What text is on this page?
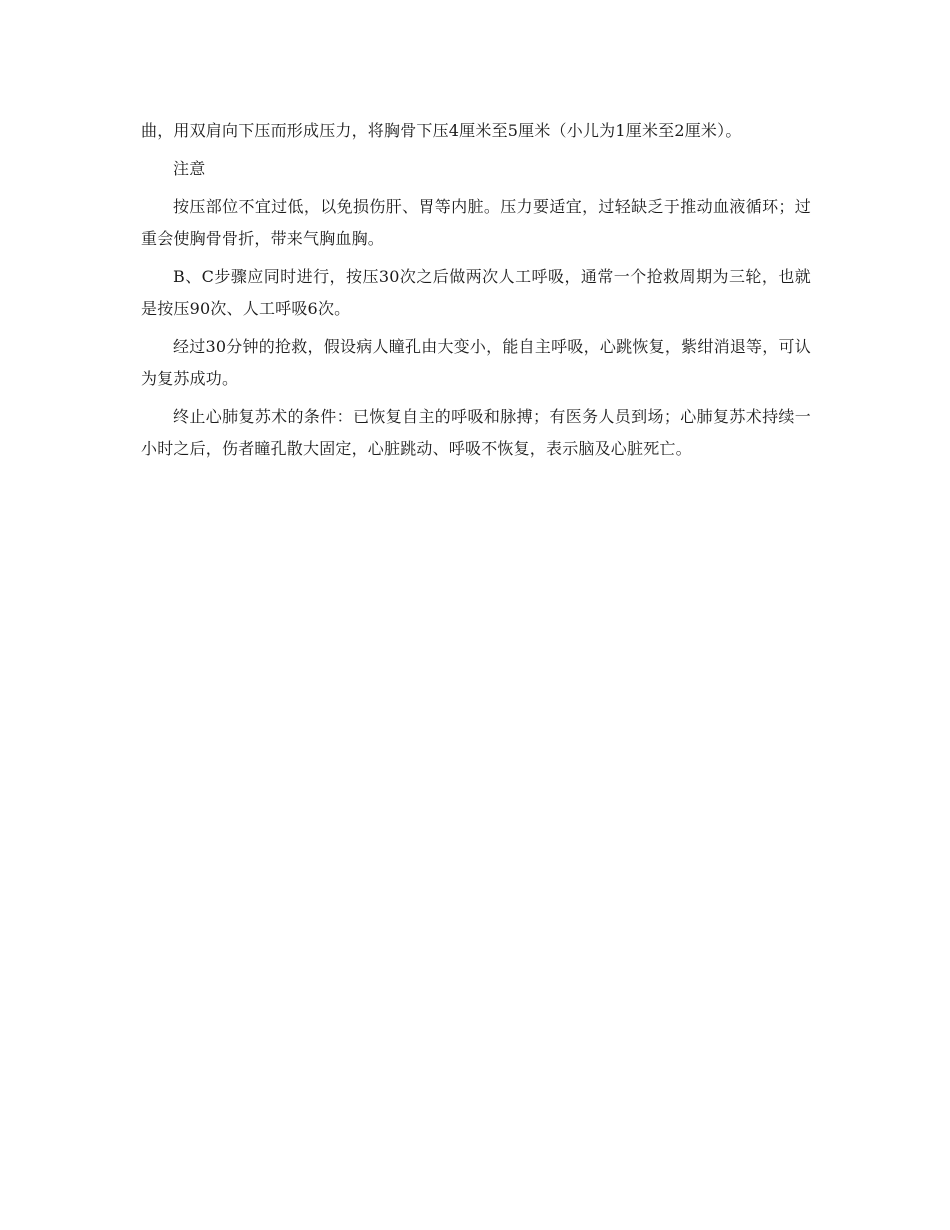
曲，用双肩向下压而形成压力，将胸骨下压4厘米至5厘米（小儿为1厘米至2厘米）。

注意

按压部位不宜过低，以免损伤肝、胃等内脏。压力要适宜，过轻缺乏于推动血液循环；过重会使胸骨骨折，带来气胸血胸。

B、C步骤应同时进行，按压30次之后做两次人工呼吸，通常一个抢救周期为三轮，也就是按压90次、人工呼吸6次。

经过30分钟的抢救，假设病人瞳孔由大变小，能自主呼吸，心跳恢复，紫绀消退等，可认为复苏成功。

终止心肺复苏术的条件：已恢复自主的呼吸和脉搏；有医务人员到场；心肺复苏术持续一小时之后，伤者瞳孔散大固定，心脏跳动、呼吸不恢复，表示脑及心脏死亡。
